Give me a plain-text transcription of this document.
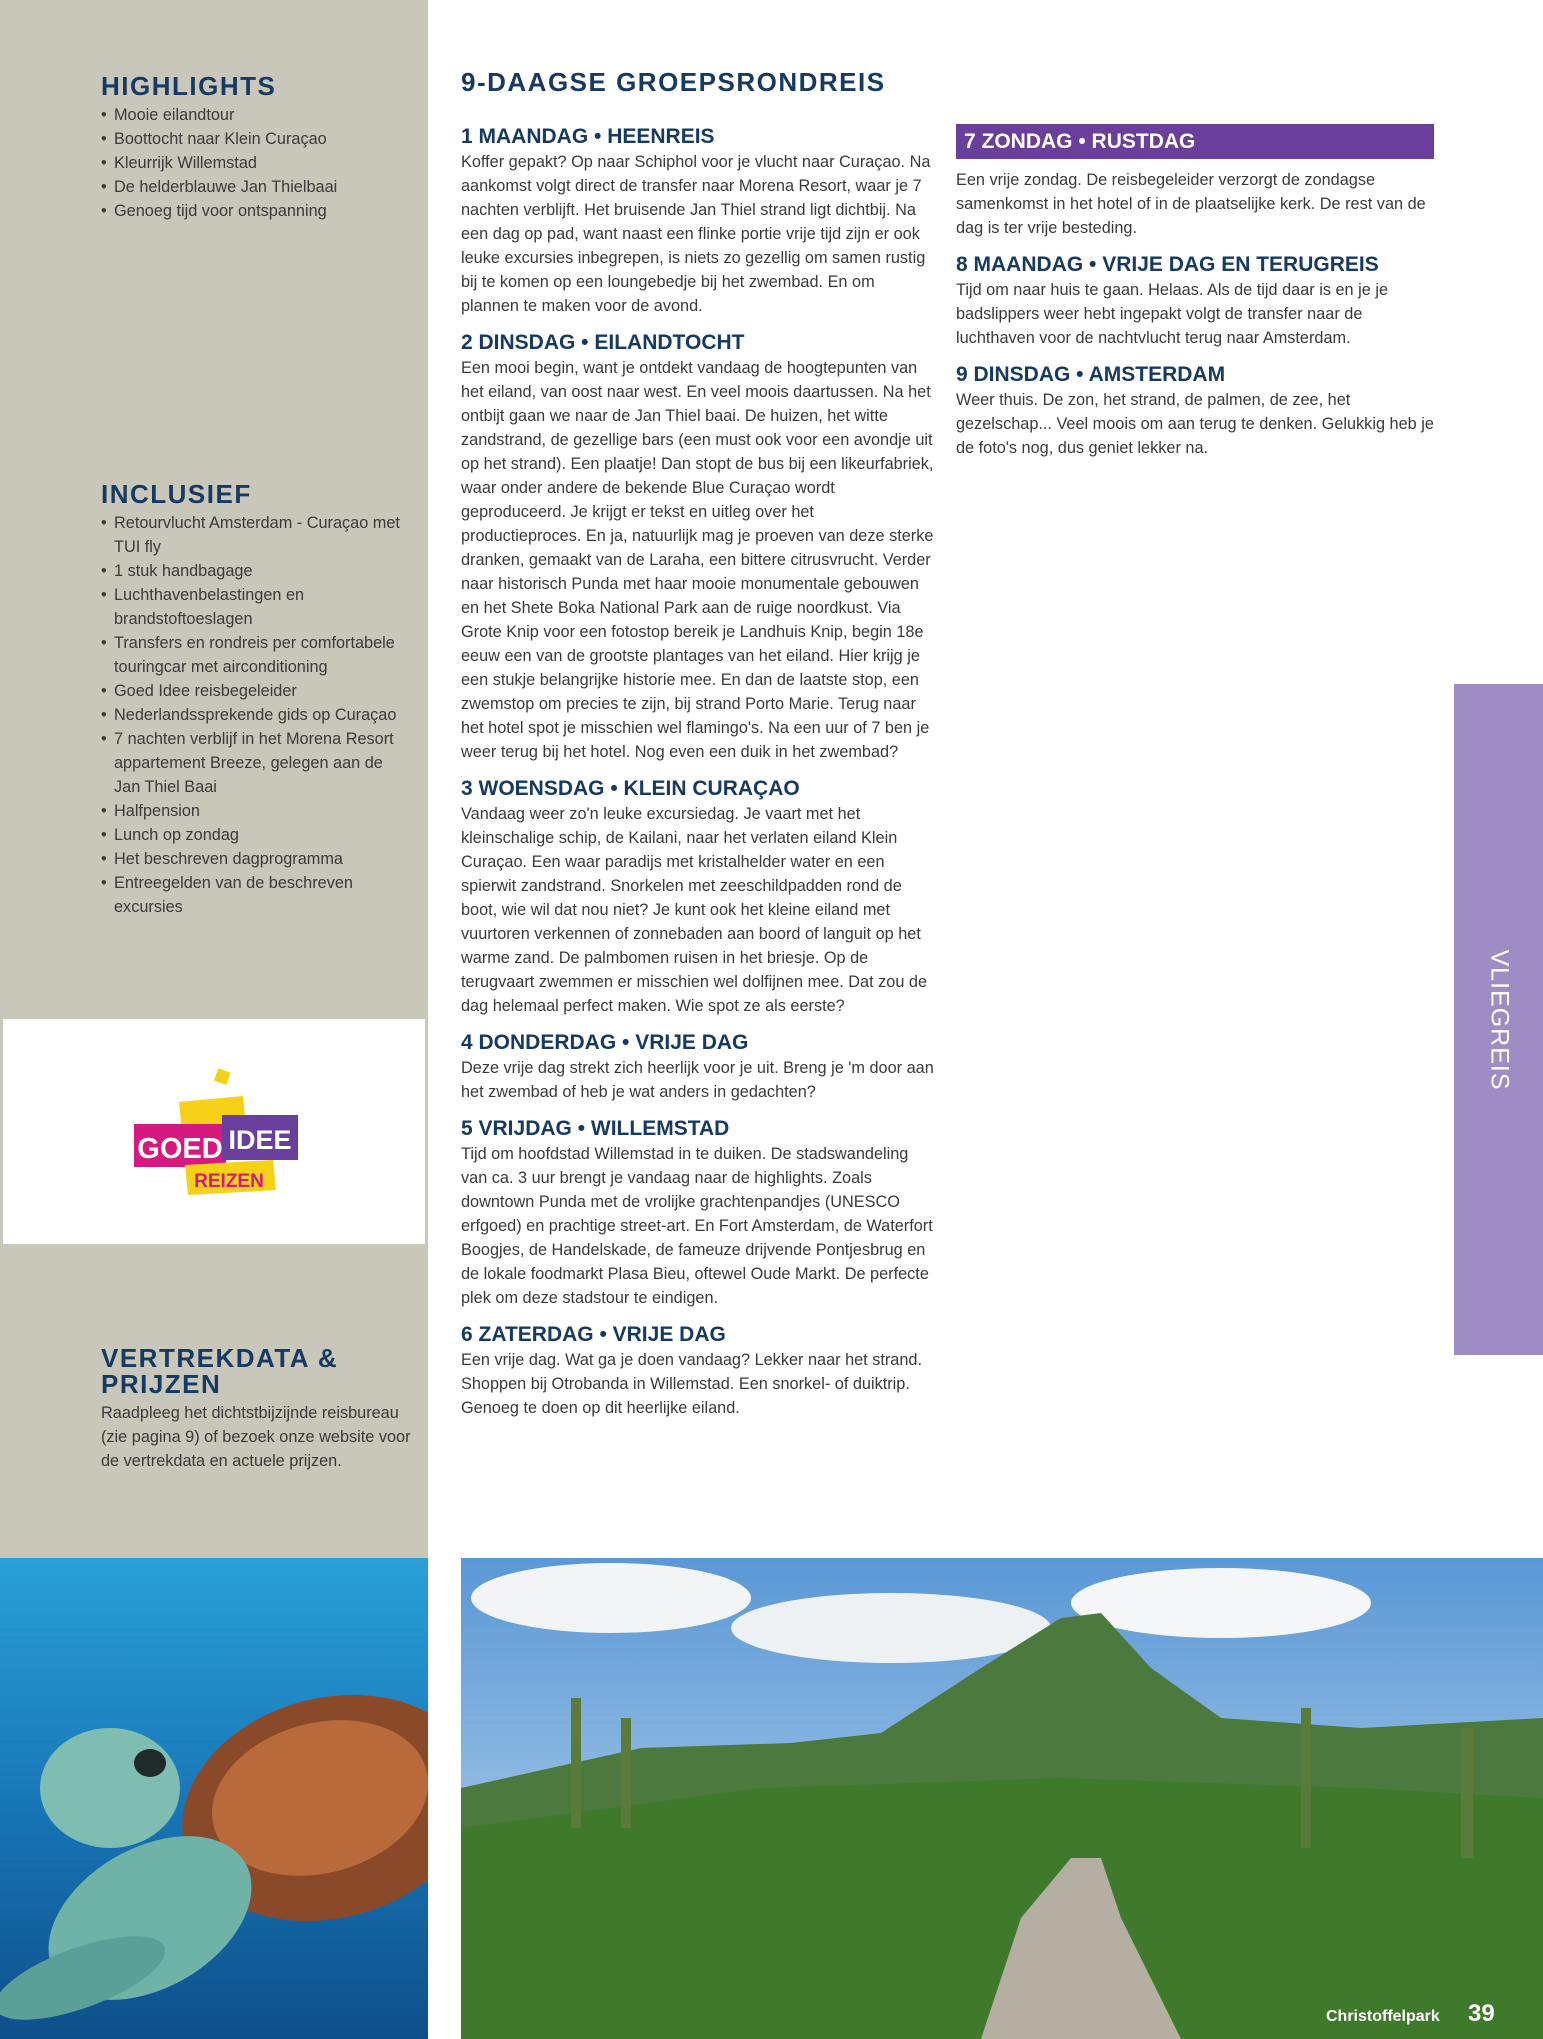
HIGHLIGHTS
• Mooie eilandtour
• Boottocht naar Klein Curaçao
• Kleurrijk Willemstad
• De helderblauwe Jan Thielbaai
• Genoeg tijd voor ontspanning
INCLUSIEF
• Retourvlucht Amsterdam - Curaçao met TUI fly
• 1 stuk handbagage
• Luchthavenbelastingen en brandstoftoeslagen
• Transfers en rondreis per comfortabele touringcar met airconditioning
• Goed Idee reisbegeleider
• Nederlandssprekende gids op Curaçao
• 7 nachten verblijf in het Morena Resort appartement Breeze, gelegen aan de Jan Thiel Baai
• Halfpension
• Lunch op zondag
• Het beschreven dagprogramma
• Entreegelden van de beschreven excursies
GOED IDEE
REIZEN
VERTREKDATA &
PRIJZEN

Raadpleeg het dichtstbijzijnde reisbureau (zie pagina 9) of bezoek onze website voor de vertrekdata en actuele prijzen.

9-DAAGSE GROEPSRONDREIS
1 MAANDAG • HEENREIS

Koffer gepakt? Op naar Schiphol voor je vlucht naar Curaçao. Na aankomst volgt direct de transfer naar Morena Resort, waar je 7 nachten verblijft. Het bruisende Jan Thiel strand ligt dichtbij. Na een dag op pad, want naast een flinke portie vrije tijd zijn er ook leuke excursies inbegrepen, is niets zo gezellig om samen rustig bij te komen op een loungebedje bij het zwembad. En om plannen te maken voor de avond.

2 DINSDAG • EILANDTOCHT

Een mooi begin, want je ontdekt vandaag de hoogtepunten van het eiland, van oost naar west. En veel moois daartussen. Na het ontbijt gaan we naar de Jan Thiel baai. De huizen, het witte zandstrand, de gezellige bars (een must ook voor een avondje uit op het strand). Een plaatje! Dan stopt de bus bij een likeurfabriek, waar onder andere de bekende Blue Curaçao wordt geproduceerd. Je krijgt er tekst en uitleg over het productieproces. En ja, natuurlijk mag je proeven van deze sterke dranken, gemaakt van de Laraha, een bittere citrusvrucht. Verder naar historisch Punda met haar mooie monumentale gebouwen en het Shete Boka National Park aan de ruige noordkust. Via Grote Knip voor een fotostop bereik je Landhuis Knip, begin 18e eeuw een van de grootste plantages van het eiland. Hier krijg je een stukje belangrijke historie mee. En dan de laatste stop, een zwemstop om precies te zijn, bij strand Porto Marie. Terug naar het hotel spot je misschien wel flamingo's. Na een uur of 7 ben je weer terug bij het hotel. Nog even een duik in het zwembad?

3 WOENSDAG • KLEIN CURAÇAO

Vandaag weer zo'n leuke excursiedag. Je vaart met het kleinschalige schip, de Kailani, naar het verlaten eiland Klein Curaçao. Een waar paradijs met kristalhelder water en een spierwit zandstrand. Snorkelen met zeeschildpadden rond de boot, wie wil dat nou niet? Je kunt ook het kleine eiland met vuurtoren verkennen of zonnebaden aan boord of languit op het warme zand. De palmbomen ruisen in het briesje. Op de terugvaart zwemmen er misschien wel dolfijnen mee. Dat zou de dag helemaal perfect maken. Wie spot ze als eerste?

4 DONDERDAG • VRIJE DAG

Deze vrije dag strekt zich heerlijk voor je uit. Breng je 'm door aan het zwembad of heb je wat anders in gedachten?

5 VRIJDAG • WILLEMSTAD

Tijd om hoofdstad Willemstad in te duiken. De stadswandeling van ca. 3 uur brengt je vandaag naar de highlights. Zoals downtown Punda met de vrolijke grachtenpandjes (UNESCO erfgoed) en prachtige street-art. En Fort Amsterdam, de Waterfort Boogjes, de Handelskade, de fameuze drijvende Pontjesbrug en de lokale foodmarkt Plasa Bieu, oftewel Oude Markt. De perfecte plek om deze stadstour te eindigen.

6 ZATERDAG • VRIJE DAG

Een vrije dag. Wat ga je doen vandaag? Lekker naar het strand. Shoppen bij Otrobanda in Willemstad. Een snorkel- of duiktrip. Genoeg te doen op dit heerlijke eiland.

7 ZONDAG • RUSTDAG

Een vrije zondag. De reisbegeleider verzorgt de zondagse samenkomst in het hotel of in de plaatselijke kerk. De rest van de dag is ter vrije besteding.

8 MAANDAG • VRIJE DAG EN TERUGREIS

Tijd om naar huis te gaan. Helaas. Als de tijd daar is en je je badslippers weer hebt ingepakt volgt de transfer naar de luchthaven voor de nachtvlucht terug naar Amsterdam.

9 DINSDAG • AMSTERDAM

Weer thuis. De zon, het strand, de palmen, de zee, het gezelschap... Veel moois om aan terug te denken. Gelukkig heb je de foto's nog, dus geniet lekker na.

VLIEGREIS
Christoffelpark 39
